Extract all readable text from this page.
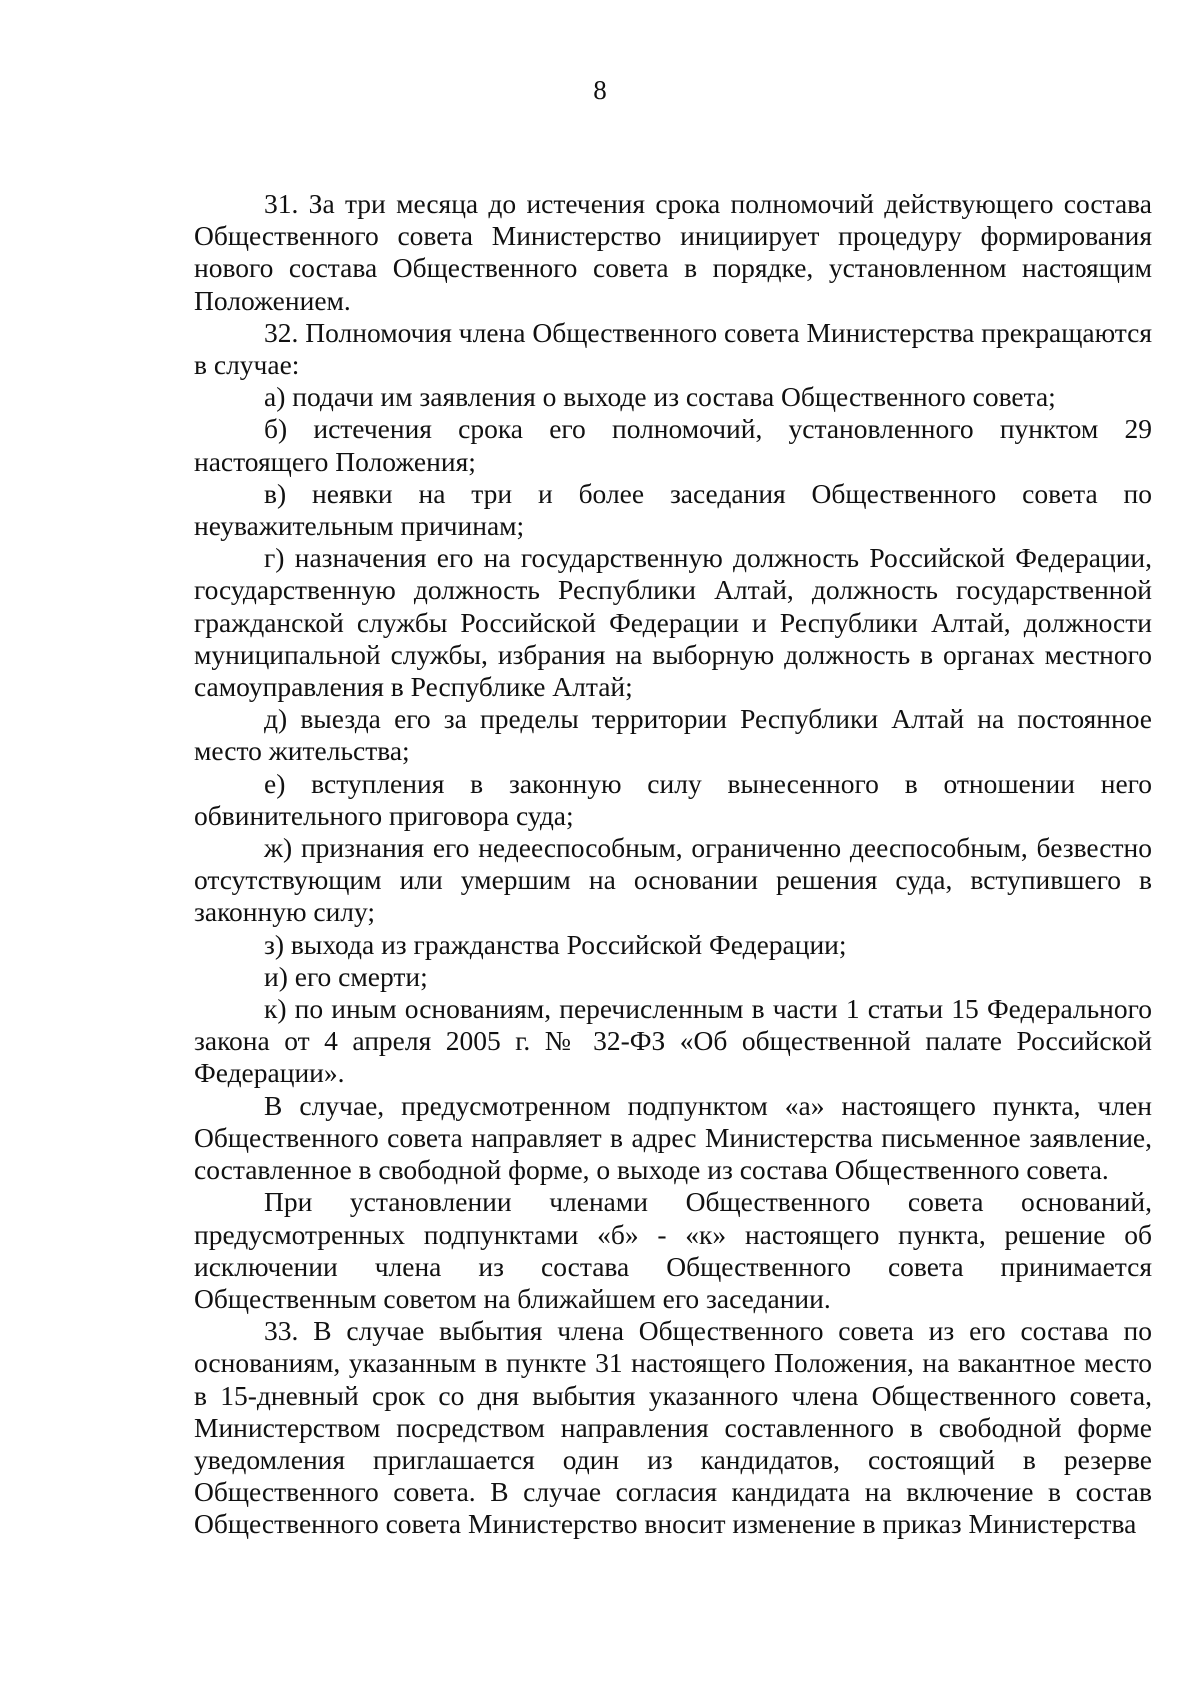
8

31. За три месяца до истечения срока полномочий действующего состава Общественного совета Министерство инициирует процедуру формирования нового состава Общественного совета в порядке, установленном настоящим Положением.

32. Полномочия члена Общественного совета Министерства прекращаются в случае:

а) подачи им заявления о выходе из состава Общественного совета;

б) истечения срока его полномочий, установленного пунктом 29 настоящего Положения;

в) неявки на три и более заседания Общественного совета по неуважительным причинам;

г) назначения его на государственную должность Российской Федерации, государственную должность Республики Алтай, должность государственной гражданской службы Российской Федерации и Республики Алтай, должности муниципальной службы, избрания на выборную должность в органах местного самоуправления в Республике Алтай;

д) выезда его за пределы территории Республики Алтай на постоянное место жительства;

е) вступления в законную силу вынесенного в отношении него обвинительного приговора суда;

ж) признания его недееспособным, ограниченно дееспособным, безвестно отсутствующим или умершим на основании решения суда, вступившего в законную силу;

з) выхода из гражданства Российской Федерации;

и) его смерти;

к) по иным основаниям, перечисленным в части 1 статьи 15 Федерального закона от 4 апреля 2005 г. № 32-ФЗ «Об общественной палате Российской Федерации».

В случае, предусмотренном подпунктом «а» настоящего пункта, член Общественного совета направляет в адрес Министерства письменное заявление, составленное в свободной форме, о выходе из состава Общественного совета.

При установлении членами Общественного совета оснований, предусмотренных подпунктами «б» - «к» настоящего пункта, решение об исключении члена из состава Общественного совета принимается Общественным советом на ближайшем его заседании.

33. В случае выбытия члена Общественного совета из его состава по основаниям, указанным в пункте 31 настоящего Положения, на вакантное место в 15-дневный срок со дня выбытия указанного члена Общественного совета, Министерством посредством направления составленного в свободной форме уведомления приглашается один из кандидатов, состоящий в резерве Общественного совета. В случае согласия кандидата на включение в состав Общественного совета Министерство вносит изменение в приказ Министерства
